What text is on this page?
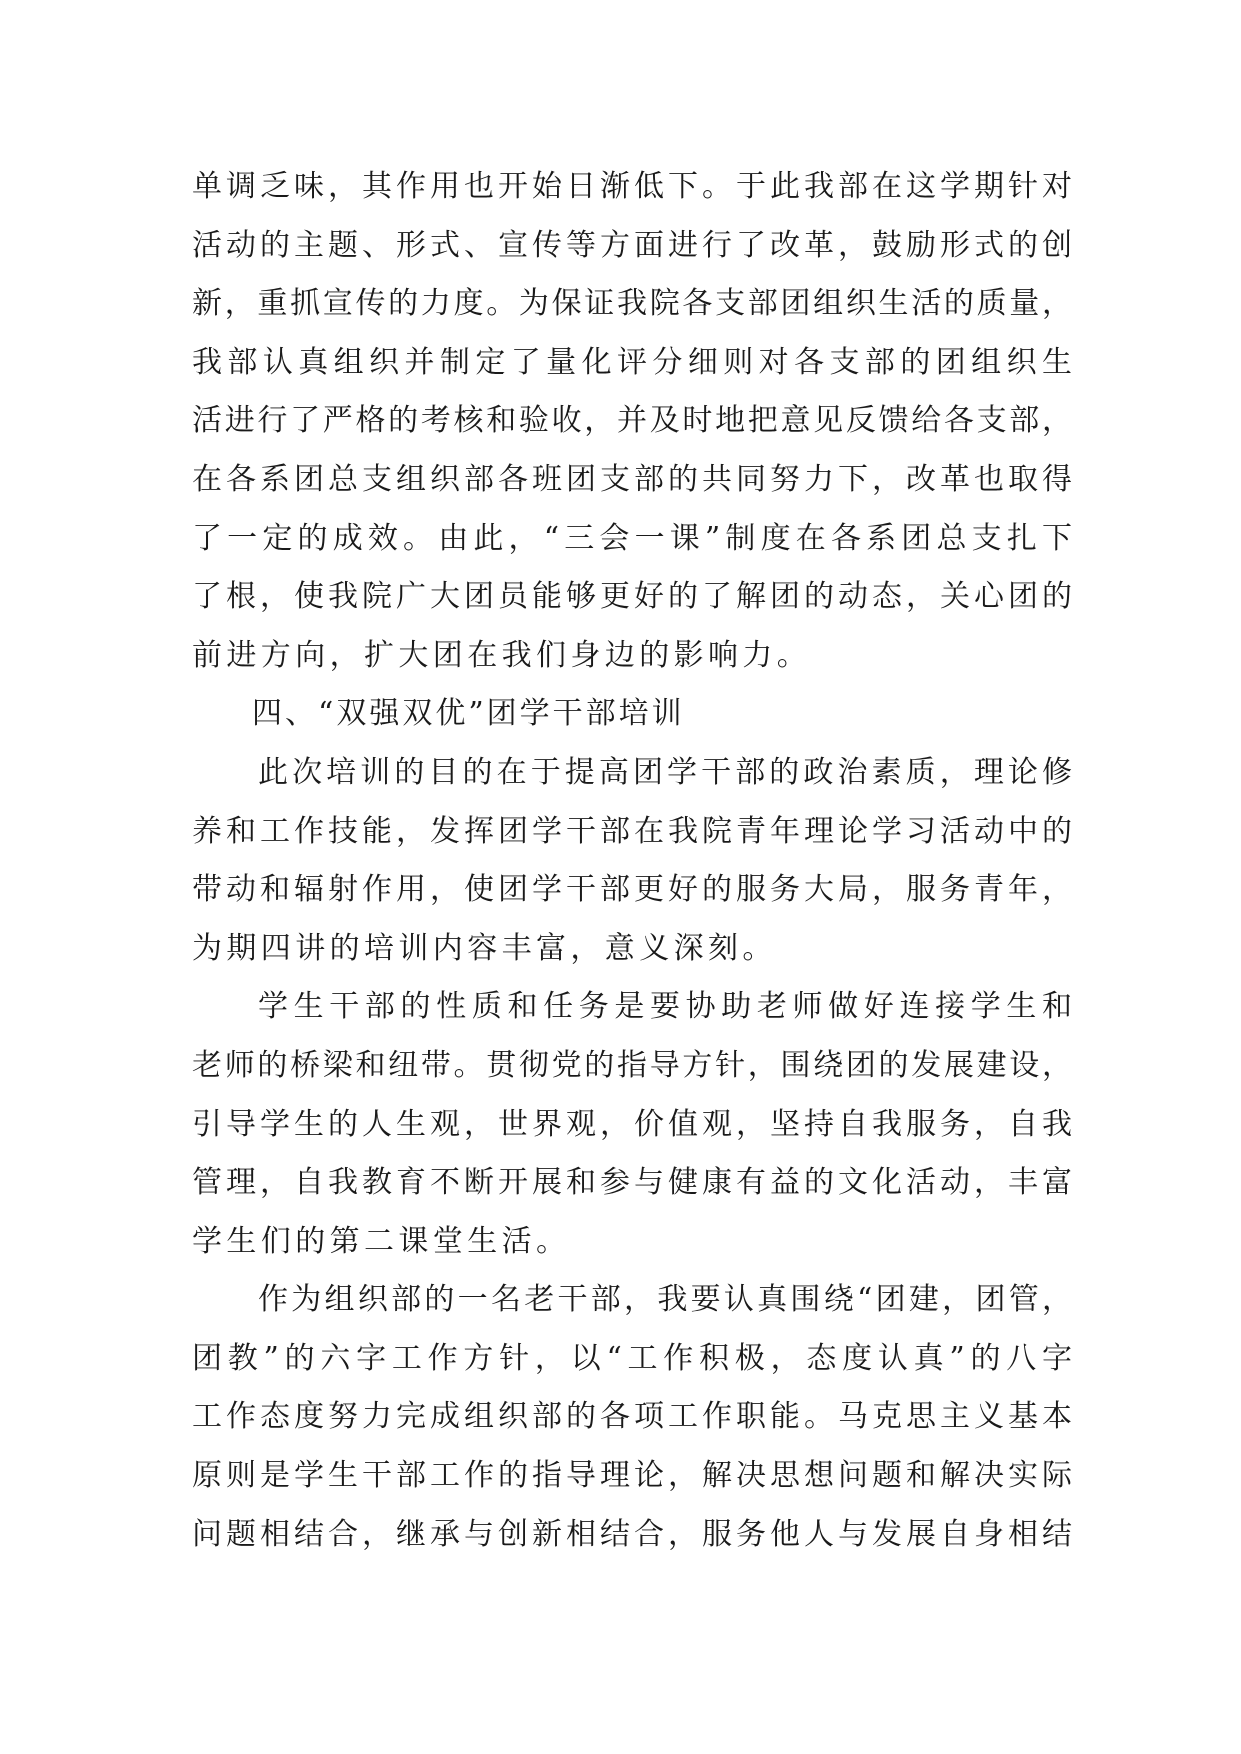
单调乏味，其作用也开始日渐低下。于此我部在这学期针对
活动的主题、形式、宣传等方面进行了改革，鼓励形式的创
新，重抓宣传的力度。为保证我院各支部团组织生活的质量，
我部认真组织并制定了量化评分细则对各支部的团组织生
活进行了严格的考核和验收，并及时地把意见反馈给各支部，
在各系团总支组织部各班团支部的共同努力下，改革也取得
了一定的成效。由此，“三会一课”制度在各系团总支扎下
了根，使我院广大团员能够更好的了解团的动态，关心团的
前进方向，扩大团在我们身边的影响力。
四、“双强双优”团学干部培训
此次培训的目的在于提高团学干部的政治素质，理论修
养和工作技能，发挥团学干部在我院青年理论学习活动中的
带动和辐射作用，使团学干部更好的服务大局，服务青年，
为期四讲的培训内容丰富，意义深刻。
学生干部的性质和任务是要协助老师做好连接学生和
老师的桥梁和纽带。贯彻党的指导方针，围绕团的发展建设，
引导学生的人生观，世界观，价值观，坚持自我服务，自我
管理，自我教育不断开展和参与健康有益的文化活动，丰富
学生们的第二课堂生活。
作为组织部的一名老干部，我要认真围绕“团建，团管，
团教”的六字工作方针，以“工作积极，态度认真”的八字
工作态度努力完成组织部的各项工作职能。马克思主义基本
原则是学生干部工作的指导理论，解决思想问题和解决实际
问题相结合，继承与创新相结合，服务他人与发展自身相结
